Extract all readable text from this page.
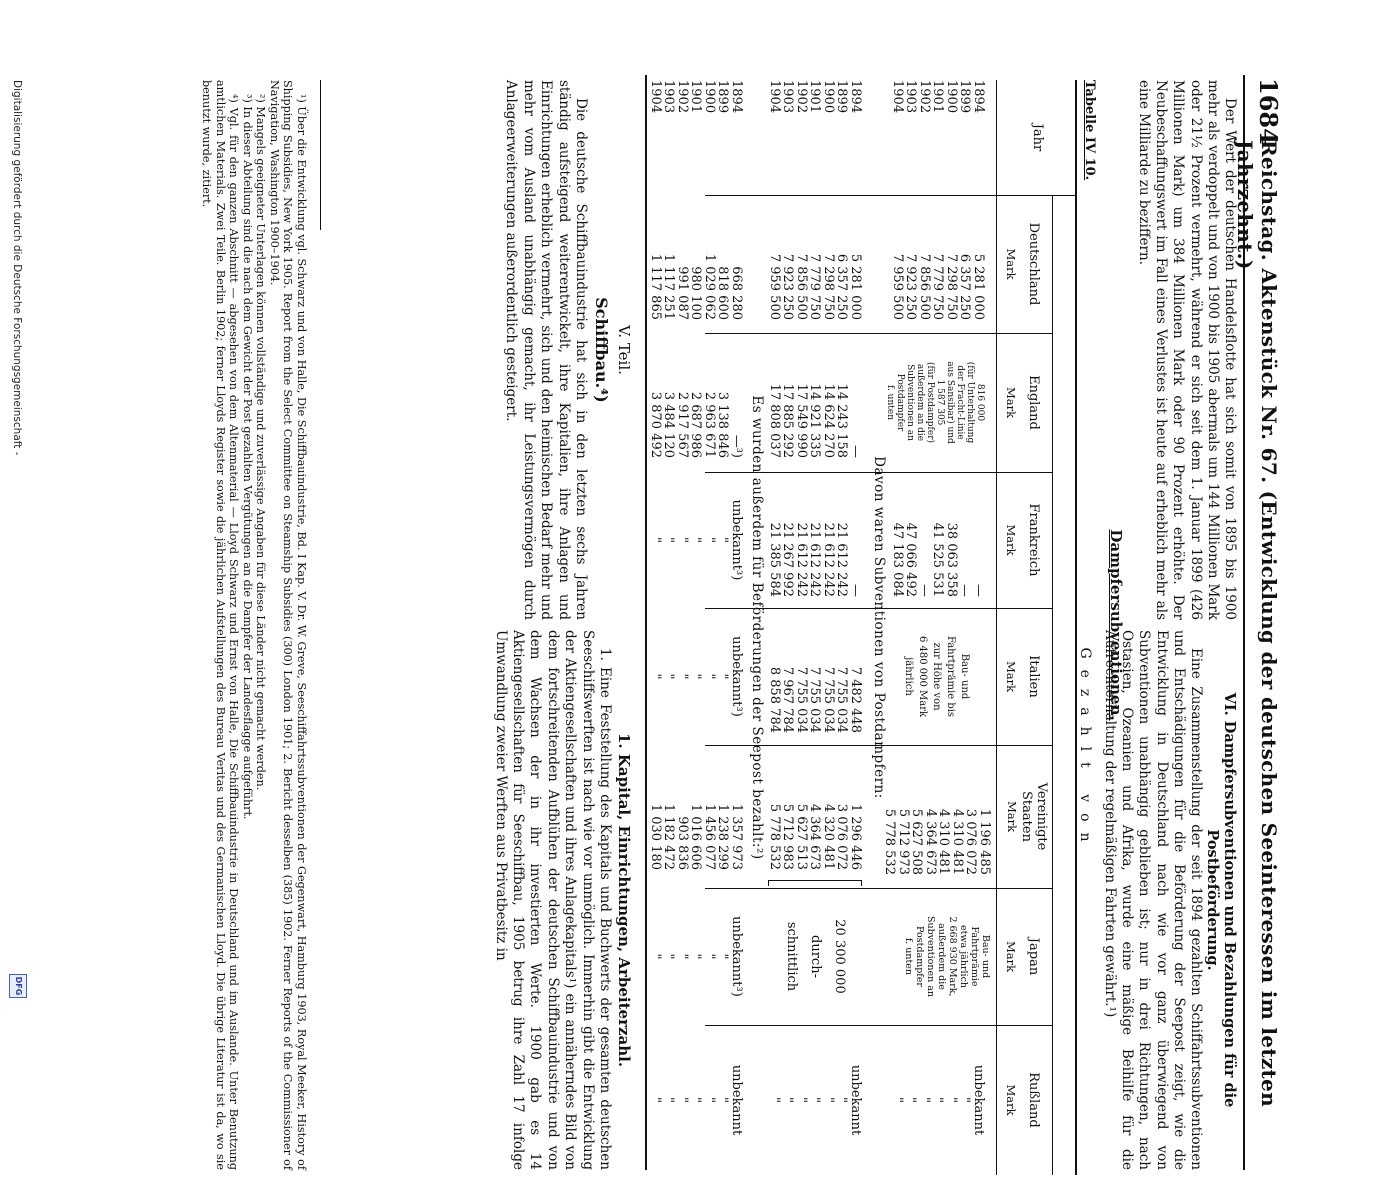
1684
Reichstag. Aktenstück Nr. 67. (Entwicklung der deutschen Seeinteressen im letzten Jahrzehnt.)

Der Wert der deutschen Handelsflotte hat sich somit von 1895 bis 1900 mehr als verdoppelt und von 1900 bis 1905 abermals um 144 Millionen Mark oder 21½ Prozent vermehrt, während er sich seit dem 1. Januar 1899 (426 Millionen Mark) um 384 Millionen Mark oder 90 Prozent erhöhte. Der Neubeschaffungswert im Fall eines Verlustes ist heute auf erheblich mehr als eine Milliarde zu beziffern.

VI. Dampfersubventionen und Bezahlungen für die Postbeförderung.

Eine Zusammenstellung der seit 1894 gezahlten Schiffahrtssubventionen und Entschädigungen für die Beförderung der Seepost zeigt, wie die Entwicklung in Deutschland nach wie vor ganz überwiegend von Subventionen unabhängig geblieben ist; nur in drei Richtungen, nach Ostasien, Ozeanien und Afrika, wurde eine mäßige Beihilfe für die Aufrechterhaltung der regelmäßigen Fahrten gewährt.¹)

Dampfersubventionen.
Tabelle IV 10.
Gezahlt von
Jahr
Deutschland
Mark
England
Mark
Frankreich
Mark
Italien
Mark
Vereinigte Staaten
Mark
Japan
Mark
Rußland
Mark
1894
1899
1900
1901
1902
1903
1904
5 281 000
6 357 250
7 298 750
7 779 750
7 856 500
7 923 250
7 959 500
816 000
(für Unterhaltung
der Fracht-Linie
aus Sansibar) und
1 587 305
(für Postdampfer)
außerdem an die
Subventionen an
Postdampfer
f. unten
—
—
38 063 358
41 525 531
—
47 066 492
47 183 084
Bau- und
Fahrtprämie bis
zur Höhe von
6 480 000 Mark
jährlich
1 196 485
3 076 072
4 310 481
4 310 481
4 364 673
5 627 508
5 712 973
5 778 532
Bau- und
Fahrtprämie
etwa jährlich
2 668 930 Mark,
außerdem die
Subventionen an
Postdampfer
f. unten
unbekannt
"
"
"
"
"
"
Davon waren Subventionen von Postdampfern:
1894
1899
1900
1901
1902
1903
1904
5 281 000
6 357 250
7 298 750
7 779 750
7 856 500
7 923 250
7 959 500
—
14 243 158
14 624 270
14 921 335
17 549 990
17 885 292
17 808 037
—
21 612 242
21 612 242
21 612 242
21 612 242
21 267 992
21 385 584
7 482 448
7 755 034
7 755 034
7 755 034
7 755 034
7 967 784
8 858 784
1 296 446
3 076 072
4 320 481
4 364 673
5 627 513
5 712 983
5 778 532
20 300 000
durch-
schnittlich
unbekannt
"
"
"
"
"
"
Es wurden außerdem für Beförderungen der Seepost bezahlt:²)
1894
1899
1900
1901
1902
1903
1904
668 280
818 600
1 029 062
980 100
991 087
1 117 251
1 117 865
—³)
3 138 846
2 963 671
2 687 986
2 917 567
3 484 120
3 870 492
unbekannt³)
"
"
"
"
"
"
unbekannt³)
"
"
"
"
"
"
1 357 973
1 238 299
1 456 077
1 016 606
903 836
1 182 472
1 030 180
unbekannt³)
"
"
"
"
"
"
unbekannt
"
"
"
"
"
"

V. Teil.

Schiffbau.⁴)

Die deutsche Schiffbauindustrie hat sich in den letzten sechs Jahren ständig aufsteigend weiterentwickelt, ihre Kapitalien, ihre Anlagen und Einrichtungen erheblich vermehrt, sich und den heimischen Bedarf mehr und mehr vom Ausland unabhängig gemacht, ihr Leistungsvermögen durch Anlageerweiterungen außerordentlich gesteigert.

1. Kapital, Einrichtungen, Arbeiterzahl.

1. Eine Feststellung des Kapitals und Buchwerts der gesamten deutschen Seeschiffswerften ist nach wie vor unmöglich. Immerhin gibt die Entwicklung der Aktiengesellschaften und ihres Anlagekapitals¹) ein annäherndes Bild von dem fortschreitenden Aufblühen der deutschen Schiffbauindustrie und von dem Wachsen der in ihr investierten Werte. 1900 gab es 14 Aktiengesellschaften für Seeschiffbau, 1905 betrug ihre Zahl 17 infolge Umwandlung zweier Werften aus Privatbesitz in

¹) Über die Entwicklung vgl. Schwarz und von Halle, Die Schiffbauindustrie, Bd. I Kap. V. Dr. W. Greve, Seeschiffahrtssubventionen der Gegenwart, Hamburg 1903, Royal Meeker, History of Shipping Subsidies, New York 1905. Report from the Select Committee on Steamship Subsidies (300) London 1901; 2. Bericht desselben (385) 1902. Ferner Reports of the Commissioner of Navigation, Washington 1900–1904.

²) Mangels geeigneter Unterlagen können vollständige und zuverlässige Angaben für diese Länder nicht gemacht werden.

³) In dieser Abteilung sind die nach dem Gewicht der Post gezahlten Vergütungen an die Dampfer der Landesflagge aufgeführt.

⁴) Vgl. für den ganzen Abschnitt — abgesehen von dem Altenmaterial — Lloyd Schwarz und Ernst von Halle, Die Schiffbauindustrie in Deutschland und im Auslande. Unter Benutzung amtlichen Materials. Zwei Teile. Berlin 1902; ferner Lloyds Register sowie die jährlichen Aufstellungen des Bureau Veritas und des Germanischen Lloyd. Die übrige Literatur ist da, wo sie benutzt wurde, zitiert.

Digitalisierung gefördert durch die Deutsche Forschungsgemeinschaft -
DFG
